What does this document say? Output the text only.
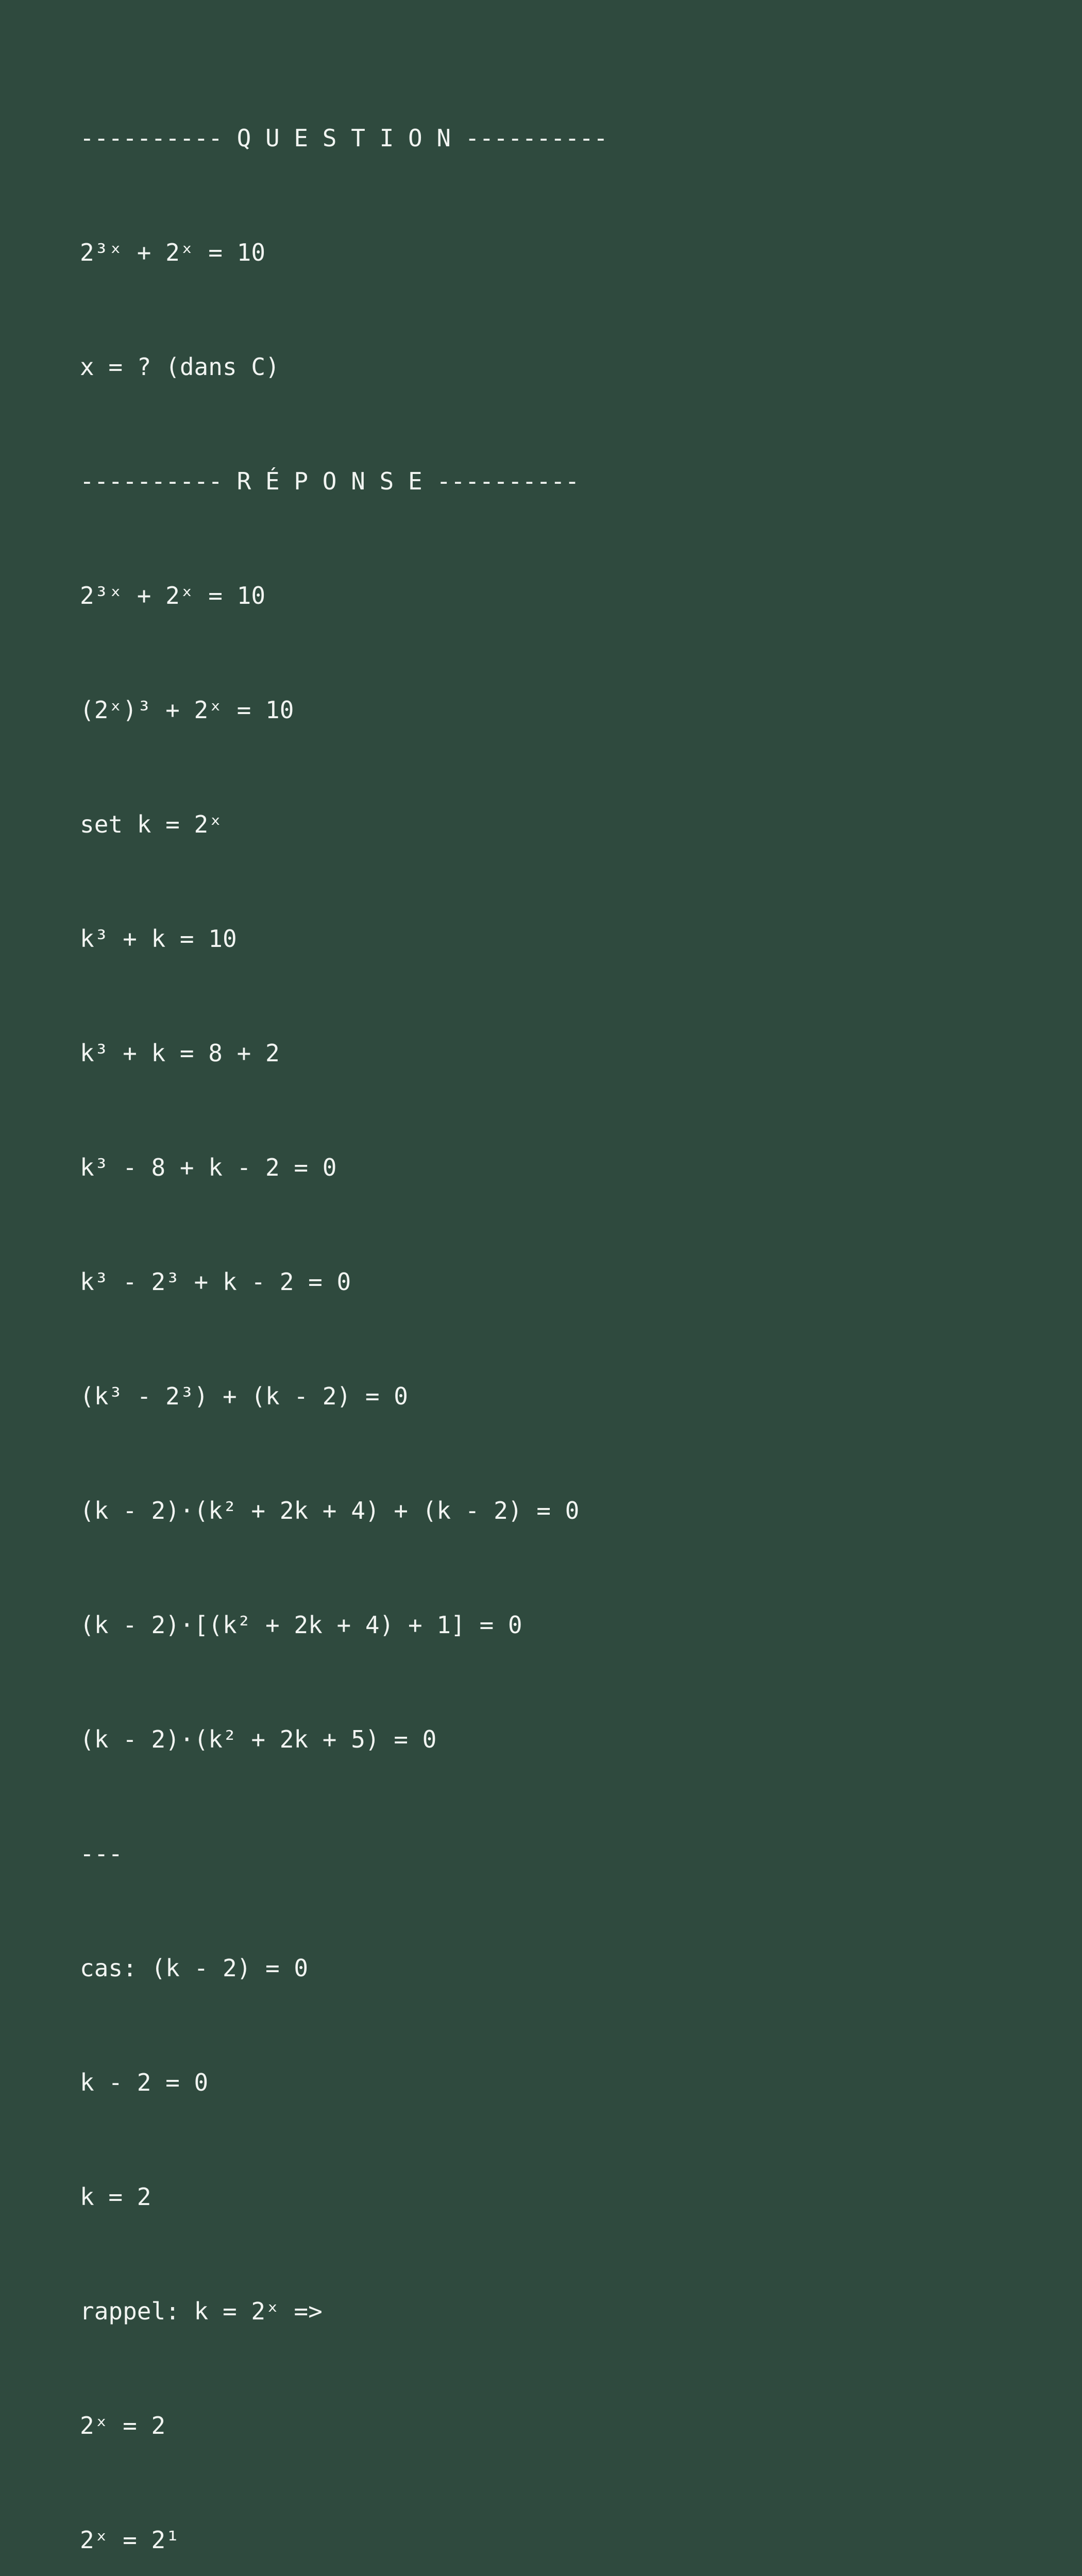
---------- Q U E S T I O N ----------

2³ˣ + 2ˣ = 10

x = ? (dans C)

---------- R É P O N S E ----------

2³ˣ + 2ˣ = 10

(2ˣ)³ + 2ˣ = 10

set k = 2ˣ

k³ + k = 10

k³ + k = 8 + 2

k³ - 8 + k - 2 = 0

k³ - 2³ + k - 2 = 0

(k³ - 2³) + (k - 2) = 0

(k - 2)·(k² + 2k + 4) + (k - 2) = 0

(k - 2)·[(k² + 2k + 4) + 1] = 0

(k - 2)·(k² + 2k + 5) = 0

---

cas: (k - 2) = 0

k - 2 = 0

k = 2

rappel: k = 2ˣ =>

2ˣ = 2

2ˣ = 2¹
